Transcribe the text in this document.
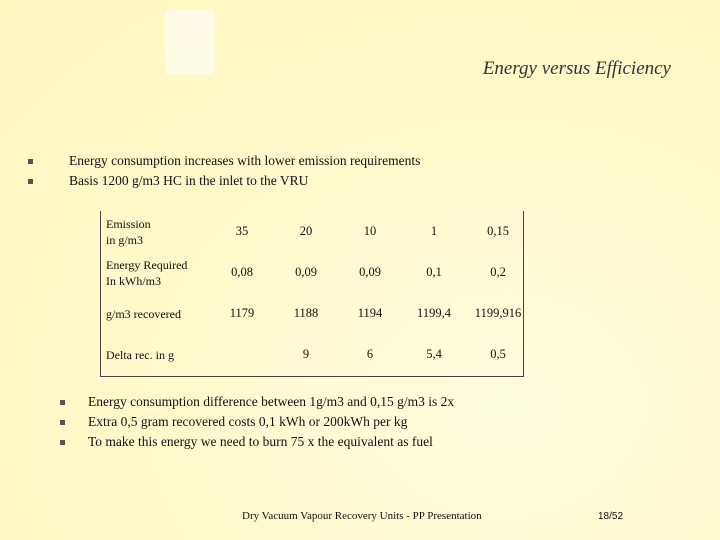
Energy versus Efficiency
Energy consumption increases with lower emission requirements
Basis 1200 g/m3 HC in the inlet to the VRU
Emission
in g/m3	35	20	10	1	0,15
Energy Required
In kWh/m3	0,08	0,09	0,09	0,1	0,2
g/m3 recovered	1179	1188	1194	1199,4	1199,916
Delta rec. in g		9	6	5,4	0,5
Energy consumption difference between 1g/m3 and 0,15 g/m3 is 2x
Extra 0,5 gram recovered costs 0,1 kWh or 200kWh per kg
To make this energy we need to burn 75 x the equivalent as fuel
Dry Vacuum Vapour Recovery Units - PP Presentation	18/52
